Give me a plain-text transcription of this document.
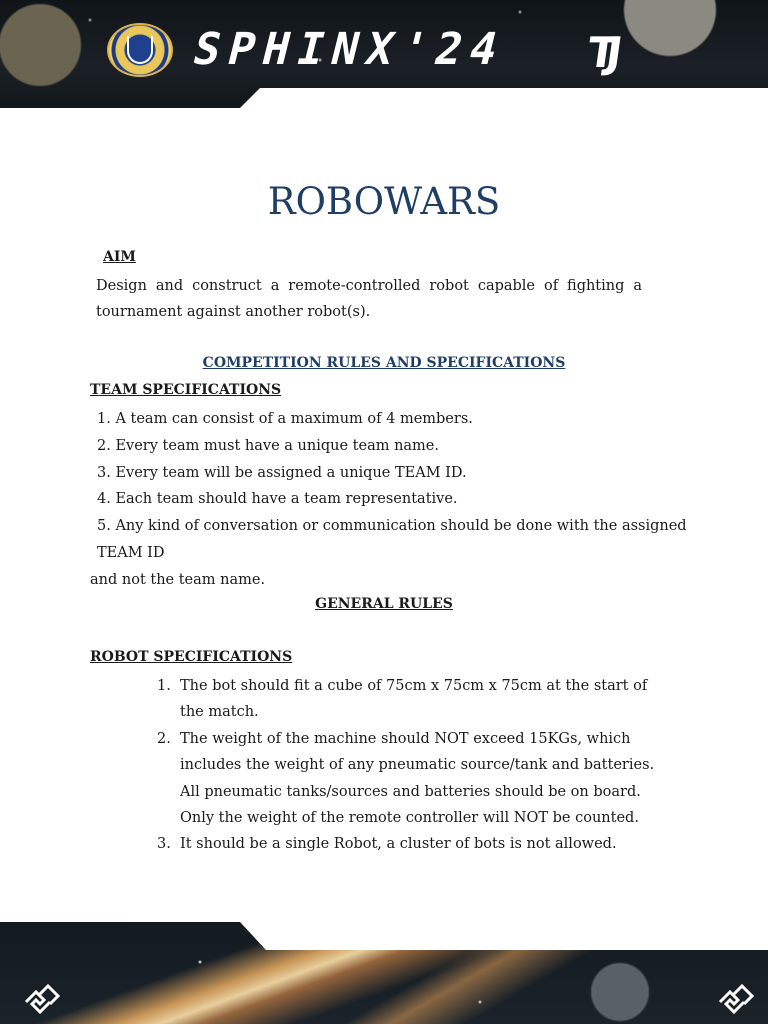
SPHINX'24 TJ
ROBOWARS
AIM

Design and construct a remote-controlled robot capable of fighting a tournament against another robot(s).

COMPETITION RULES AND SPECIFICATIONS
TEAM SPECIFICATIONS
1. A team can consist of a maximum of 4 members.
2. Every team must have a unique team name.
3. Every team will be assigned a unique TEAM ID.
4. Each team should have a team representative.
5. Any kind of conversation or communication should be done with the assigned TEAM ID
and not the team name.
GENERAL RULES
ROBOT SPECIFICATIONS
1. The bot should fit a cube of 75cm x 75cm x 75cm at the start of the match.
2. The weight of the machine should NOT exceed 15KGs, which includes the weight of any pneumatic source/tank and batteries. All pneumatic tanks/sources and batteries should be on board. Only the weight of the remote controller will NOT be counted.
3. It should be a single Robot, a cluster of bots is not allowed.
